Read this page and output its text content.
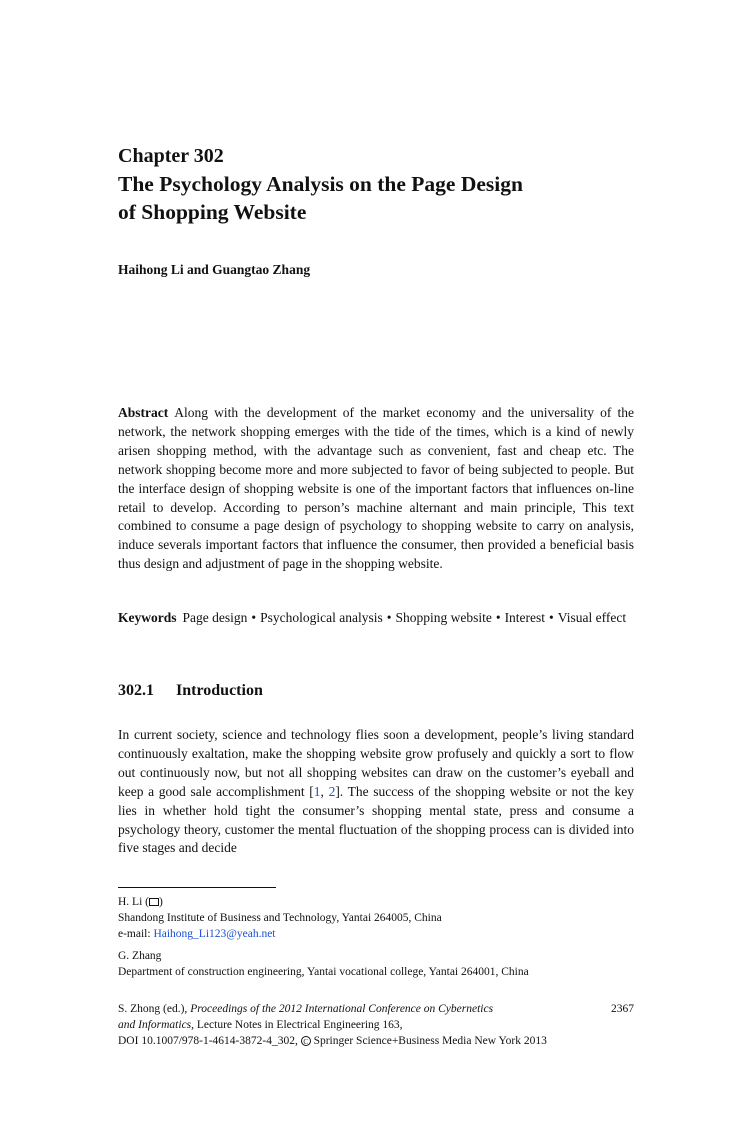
Chapter 302
The Psychology Analysis on the Page Design
of Shopping Website
Haihong Li and Guangtao Zhang

Abstract Along with the development of the market economy and the universality of the network, the network shopping emerges with the tide of the times, which is a kind of newly arisen shopping method, with the advantage such as convenient, fast and cheap etc. The network shopping become more and more subjected to favor of being subjected to people. But the interface design of shopping website is one of the important factors that influences on-line retail to develop. According to person’s machine alternant and main principle, This text combined to consume a page design of psychology to shopping website to carry on analysis, induce severals important factors that influence the consumer, then provided a beneficial basis thus design and adjustment of page in the shopping website.

Keywords Page design • Psychological analysis • Shopping website • Interest • Visual effect

302.1 Introduction

In current society, science and technology flies soon a development, people’s living standard continuously exaltation, make the shopping website grow profusely and quickly a sort to flow out continuously now, but not all shopping websites can draw on the customer’s eyeball and keep a good sale accomplishment [1, 2]. The success of the shopping website or not the key lies in whether hold tight the consumer’s shopping mental state, press and consume a psychology theory, customer the mental fluctuation of the shopping process can is divided into five stages and decide

H. Li ( )
Shandong Institute of Business and Technology, Yantai 264005, China
e-mail: Haihong_Li123@yeah.net
G. Zhang
Department of construction engineering, Yantai vocational college, Yantai 264001, China
2367
S. Zhong (ed.), Proceedings of the 2012 International Conference on Cybernetics
and Informatics, Lecture Notes in Electrical Engineering 163,
DOI 10.1007/978-1-4614-3872-4_302, C Springer Science+Business Media New York 2013
